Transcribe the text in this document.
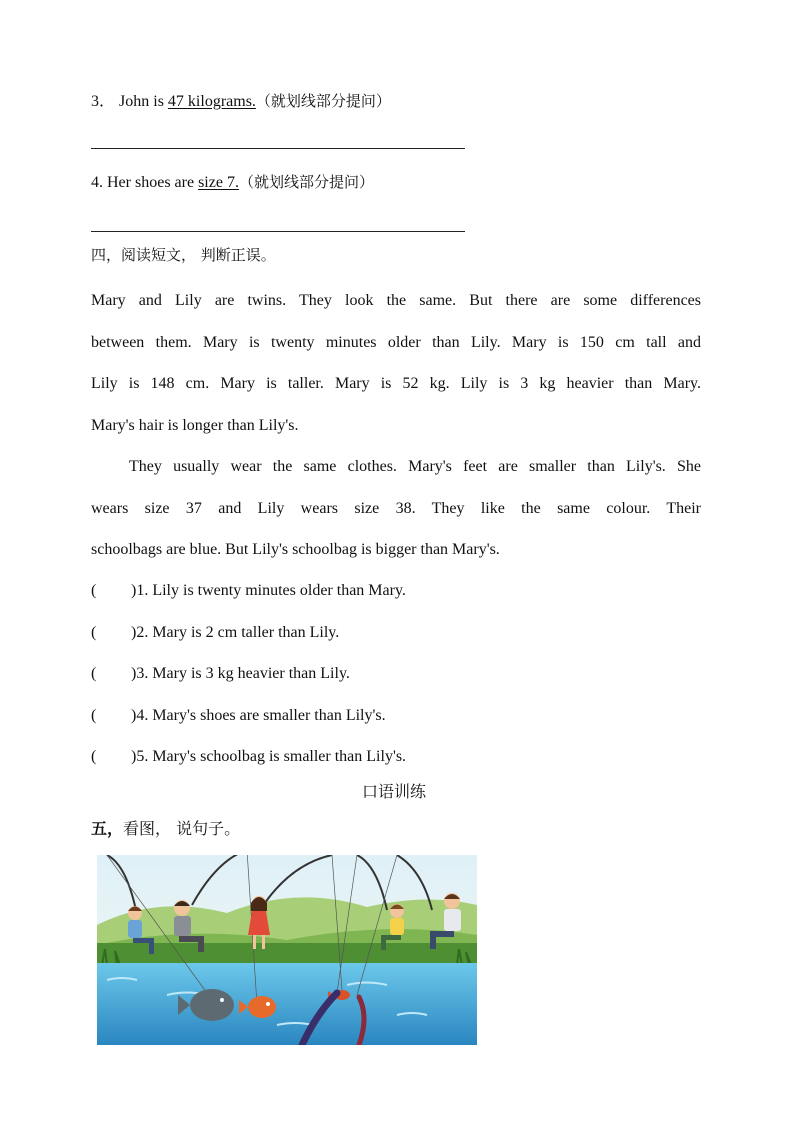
3． John is 47 kilograms.（就划线部分提问）
4. Her shoes are size 7.（就划线部分提问）
四，阅读短文， 判断正误。
Mary and Lily are twins. They look the same. But there are some differences
between them. Mary is twenty minutes older than Lily. Mary is 150 cm tall and
Lily is 148 cm. Mary is taller. Mary is 52 kg. Lily is 3 kg heavier than Mary.
Mary's hair is longer than Lily's.
They usually wear the same clothes. Mary's feet are smaller than Lily's. She
wears size 37 and Lily wears size 38. They like the same colour. Their
schoolbags are blue. But Lily's schoolbag is bigger than Mary's.
( )1. Lily is twenty minutes older than Mary.
( )2. Mary is 2 cm taller than Lily.
( )3. Mary is 3 kg heavier than Lily.
( )4. Mary's shoes are smaller than Lily's.
( )5. Mary's schoolbag is smaller than Lily's.
口语训练
五，看图， 说句子。
